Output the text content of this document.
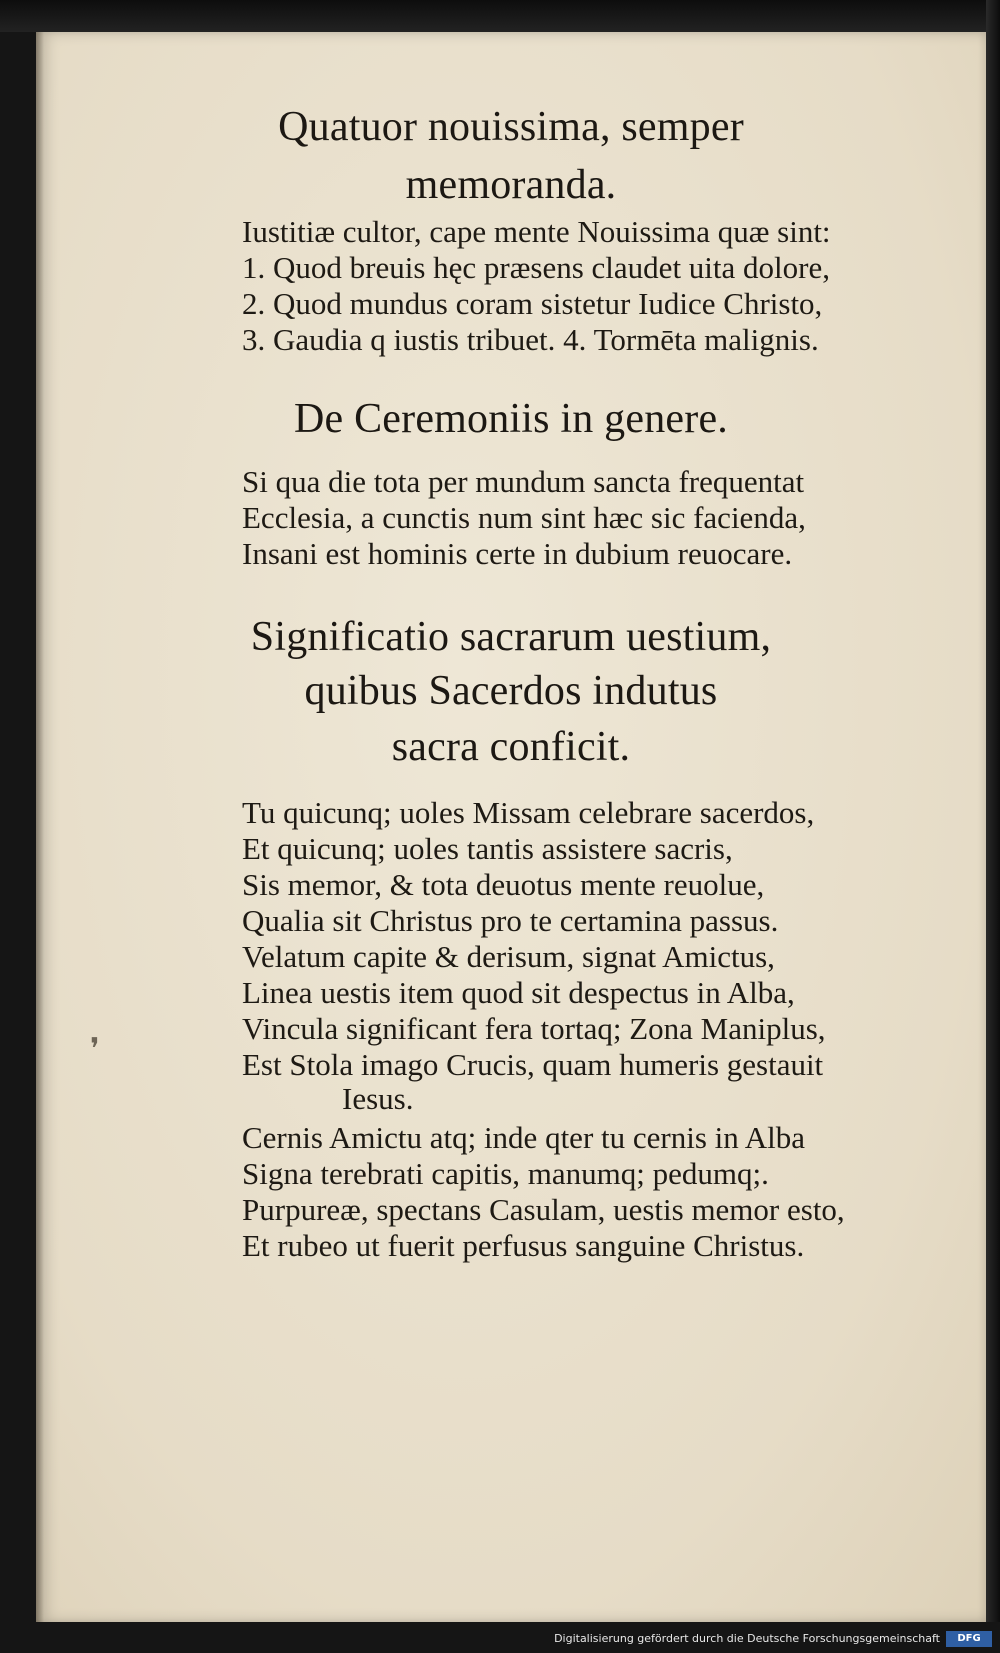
Quatuor nouissima, semper
memoranda.
Iustitiæ cultor, cape mente Nouissima quæ sint:
1. Quod breuis hęc præsens claudet uita dolore,
2. Quod mundus coram sistetur Iudice Christo,
3. Gaudia q iustis tribuet. 4. Tormēta malignis.
De Ceremoniis in genere.
Si qua die tota per mundum sancta frequentat
Ecclesia, a cunctis num sint hæc sic facienda,
Insani est hominis certe in dubium reuocare.
Significatio sacrarum uestium,
quibus Sacerdos indutus
sacra conficit.
Tu quicunq; uoles Missam celebrare sacerdos,
Et quicunq; uoles tantis assistere sacris,
Sis memor, & tota deuotus mente reuolue,
Qualia sit Christus pro te certamina passus.
Velatum capite & derisum, signat Amictus,
Linea uestis item quod sit despectus in Alba,
Vincula significant fera tortaq; Zona Maniplus,
Est Stola imago Crucis, quam humeris gestauit
Iesus.
Cernis Amictu atq; inde qter tu cernis in Alba
Signa terebrati capitis, manumq; pedumq;.
Purpureæ, spectans Casulam, uestis memor esto,
Et rubeo ut fuerit perfusus sanguine Christus.
❜
Digitalisierung gefördert durch die Deutsche Forschungsgemeinschaft	DFG
